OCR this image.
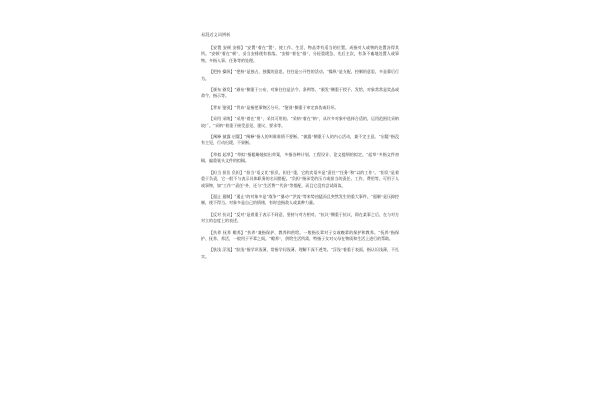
易混近义词辨析

【安置 安顿 安排】“安置”着在“置”，使工作、生活、物品等有适当的位置。成指对人或物的处置各得其所。“安顿”着在“顿”，妥当安排使有着落。“安排”着在“排”，分轻重缓急、先后主次，有条不紊地处置人或事物。多指人事、任务等的处理。

【把持 操纵】“把持”是独占，独揽的意思，往往是公开性的活动。“操纵”是支配、控制的意思，多是幕后行为。

【颁布 颁发】“颁布”侧重于公布，对象往往是法令、条例等。“颁发”侧重于授予、发给，对象常常是奖品或命令、指示等。

【背弃 鉴别】“背弃”是指把事物区分开。“鉴别”侧重于审定真伪或好坏。

【采用 采纳】“采用”着在“用”，采其可用的。“采纳”着在“纳”，从许多对象中选择合适的，运用范围比采纳较广。“采纳”着重于接受意见、建议、要求等。

【阐释 披露 启疑】“阐释”指人的叫谁谁情不要断。“披露”侧重于人的内心活动，兼不定主意。“启疑”指没有主见，行动迟缓，不果断。

【草拟 起草】“草拟”指粗略地拟出草案，多指各种计划、工程设计、论文提纲的拟定。“起草”多指文件初稿，偏重笔头文件的拟稿。

【担当 担负 负担】“担当”语义比“担负、担任”重，它的宾语多是“责任”“任务”和“以的工作”。“担负”是着重于负责，它一般不与表示具体职务的名词搭配。“负担”指承受的压力或担当的责任、工作、费用等，可用于人或事物，如“工作”“责任”外，还与“生活费”“代价”等搭配，而且它没有尝试阅读。

【遏止 遏制】“遏止”的对象多是“战争”“暴动”“洪流”等来势凶猛而且突然发生的重大事件。“遏制”是压抑控制，使不得当。对象多是自己的情绪，有时也指敌人或某种力量。

【反对 抗议】“反对”是着重于表示不同意，坚持与对方相对。“抗议”侧重于抗议，即在某事之后，在与对方对立的态度上的表述。

【扶养 抚养 赡养】“扶养”兼指保护、教养和供给。一般指长辈对子女或晚辈的保护和教养。“抚养”指保护、抚养、养活，一般用于平辈之间。“赡养”，供给生活所需，特指子女对父母在物质和生活上进行的帮助。

【肤浅 浮浅】“肤浅”指学识浅薄，常指学问浅薄，理解不深不透等。“浮浅”着重于表面，指认识浅薄，不扎实。
